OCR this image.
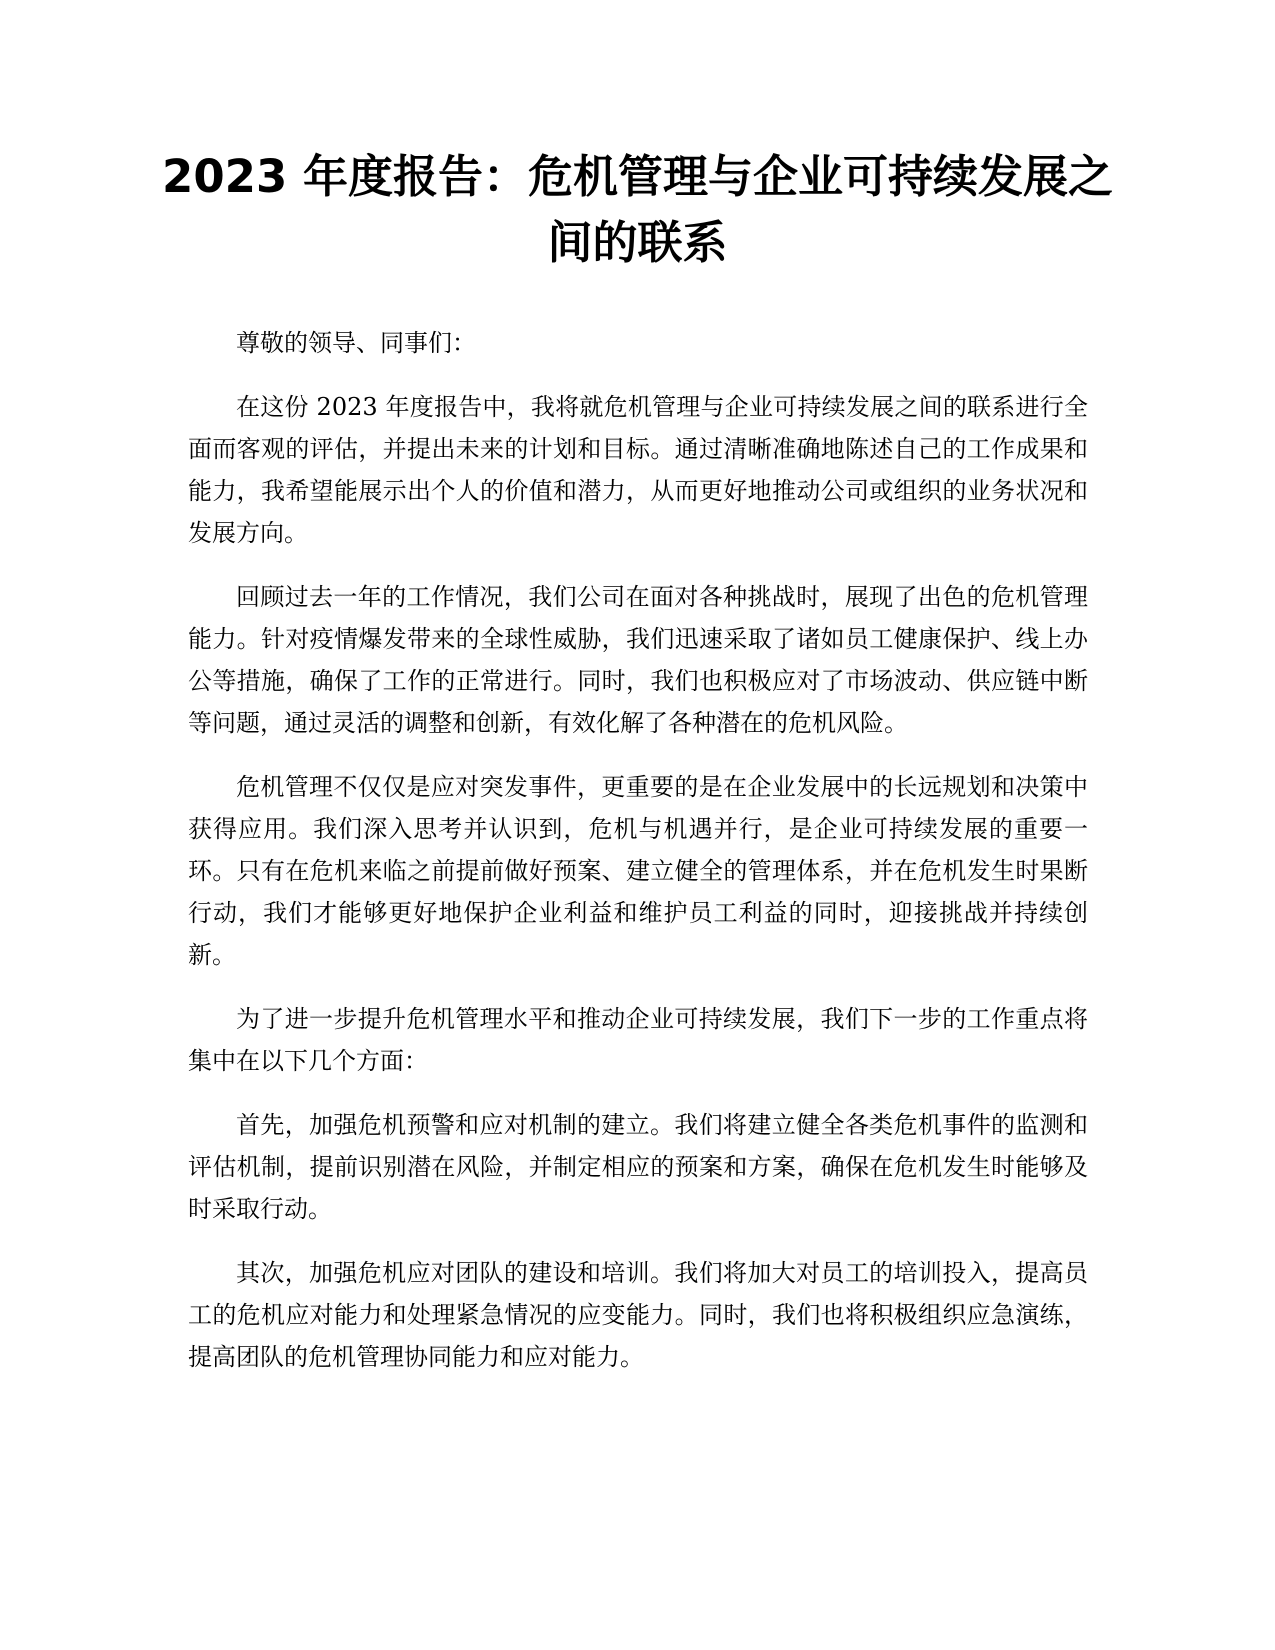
2023 年度报告：危机管理与企业可持续发展之间的联系

尊敬的领导、同事们：

在这份 2023 年度报告中，我将就危机管理与企业可持续发展之间的联系进行全面而客观的评估，并提出未来的计划和目标。通过清晰准确地陈述自己的工作成果和能力，我希望能展示出个人的价值和潜力，从而更好地推动公司或组织的业务状况和发展方向。

回顾过去一年的工作情况，我们公司在面对各种挑战时，展现了出色的危机管理能力。针对疫情爆发带来的全球性威胁，我们迅速采取了诸如员工健康保护、线上办公等措施，确保了工作的正常进行。同时，我们也积极应对了市场波动、供应链中断等问题，通过灵活的调整和创新，有效化解了各种潜在的危机风险。

危机管理不仅仅是应对突发事件，更重要的是在企业发展中的长远规划和决策中获得应用。我们深入思考并认识到，危机与机遇并行，是企业可持续发展的重要一环。只有在危机来临之前提前做好预案、建立健全的管理体系，并在危机发生时果断行动，我们才能够更好地保护企业利益和维护员工利益的同时，迎接挑战并持续创新。

为了进一步提升危机管理水平和推动企业可持续发展，我们下一步的工作重点将集中在以下几个方面：

首先，加强危机预警和应对机制的建立。我们将建立健全各类危机事件的监测和评估机制，提前识别潜在风险，并制定相应的预案和方案，确保在危机发生时能够及时采取行动。

其次，加强危机应对团队的建设和培训。我们将加大对员工的培训投入，提高员工的危机应对能力和处理紧急情况的应变能力。同时，我们也将积极组织应急演练，提高团队的危机管理协同能力和应对能力。
